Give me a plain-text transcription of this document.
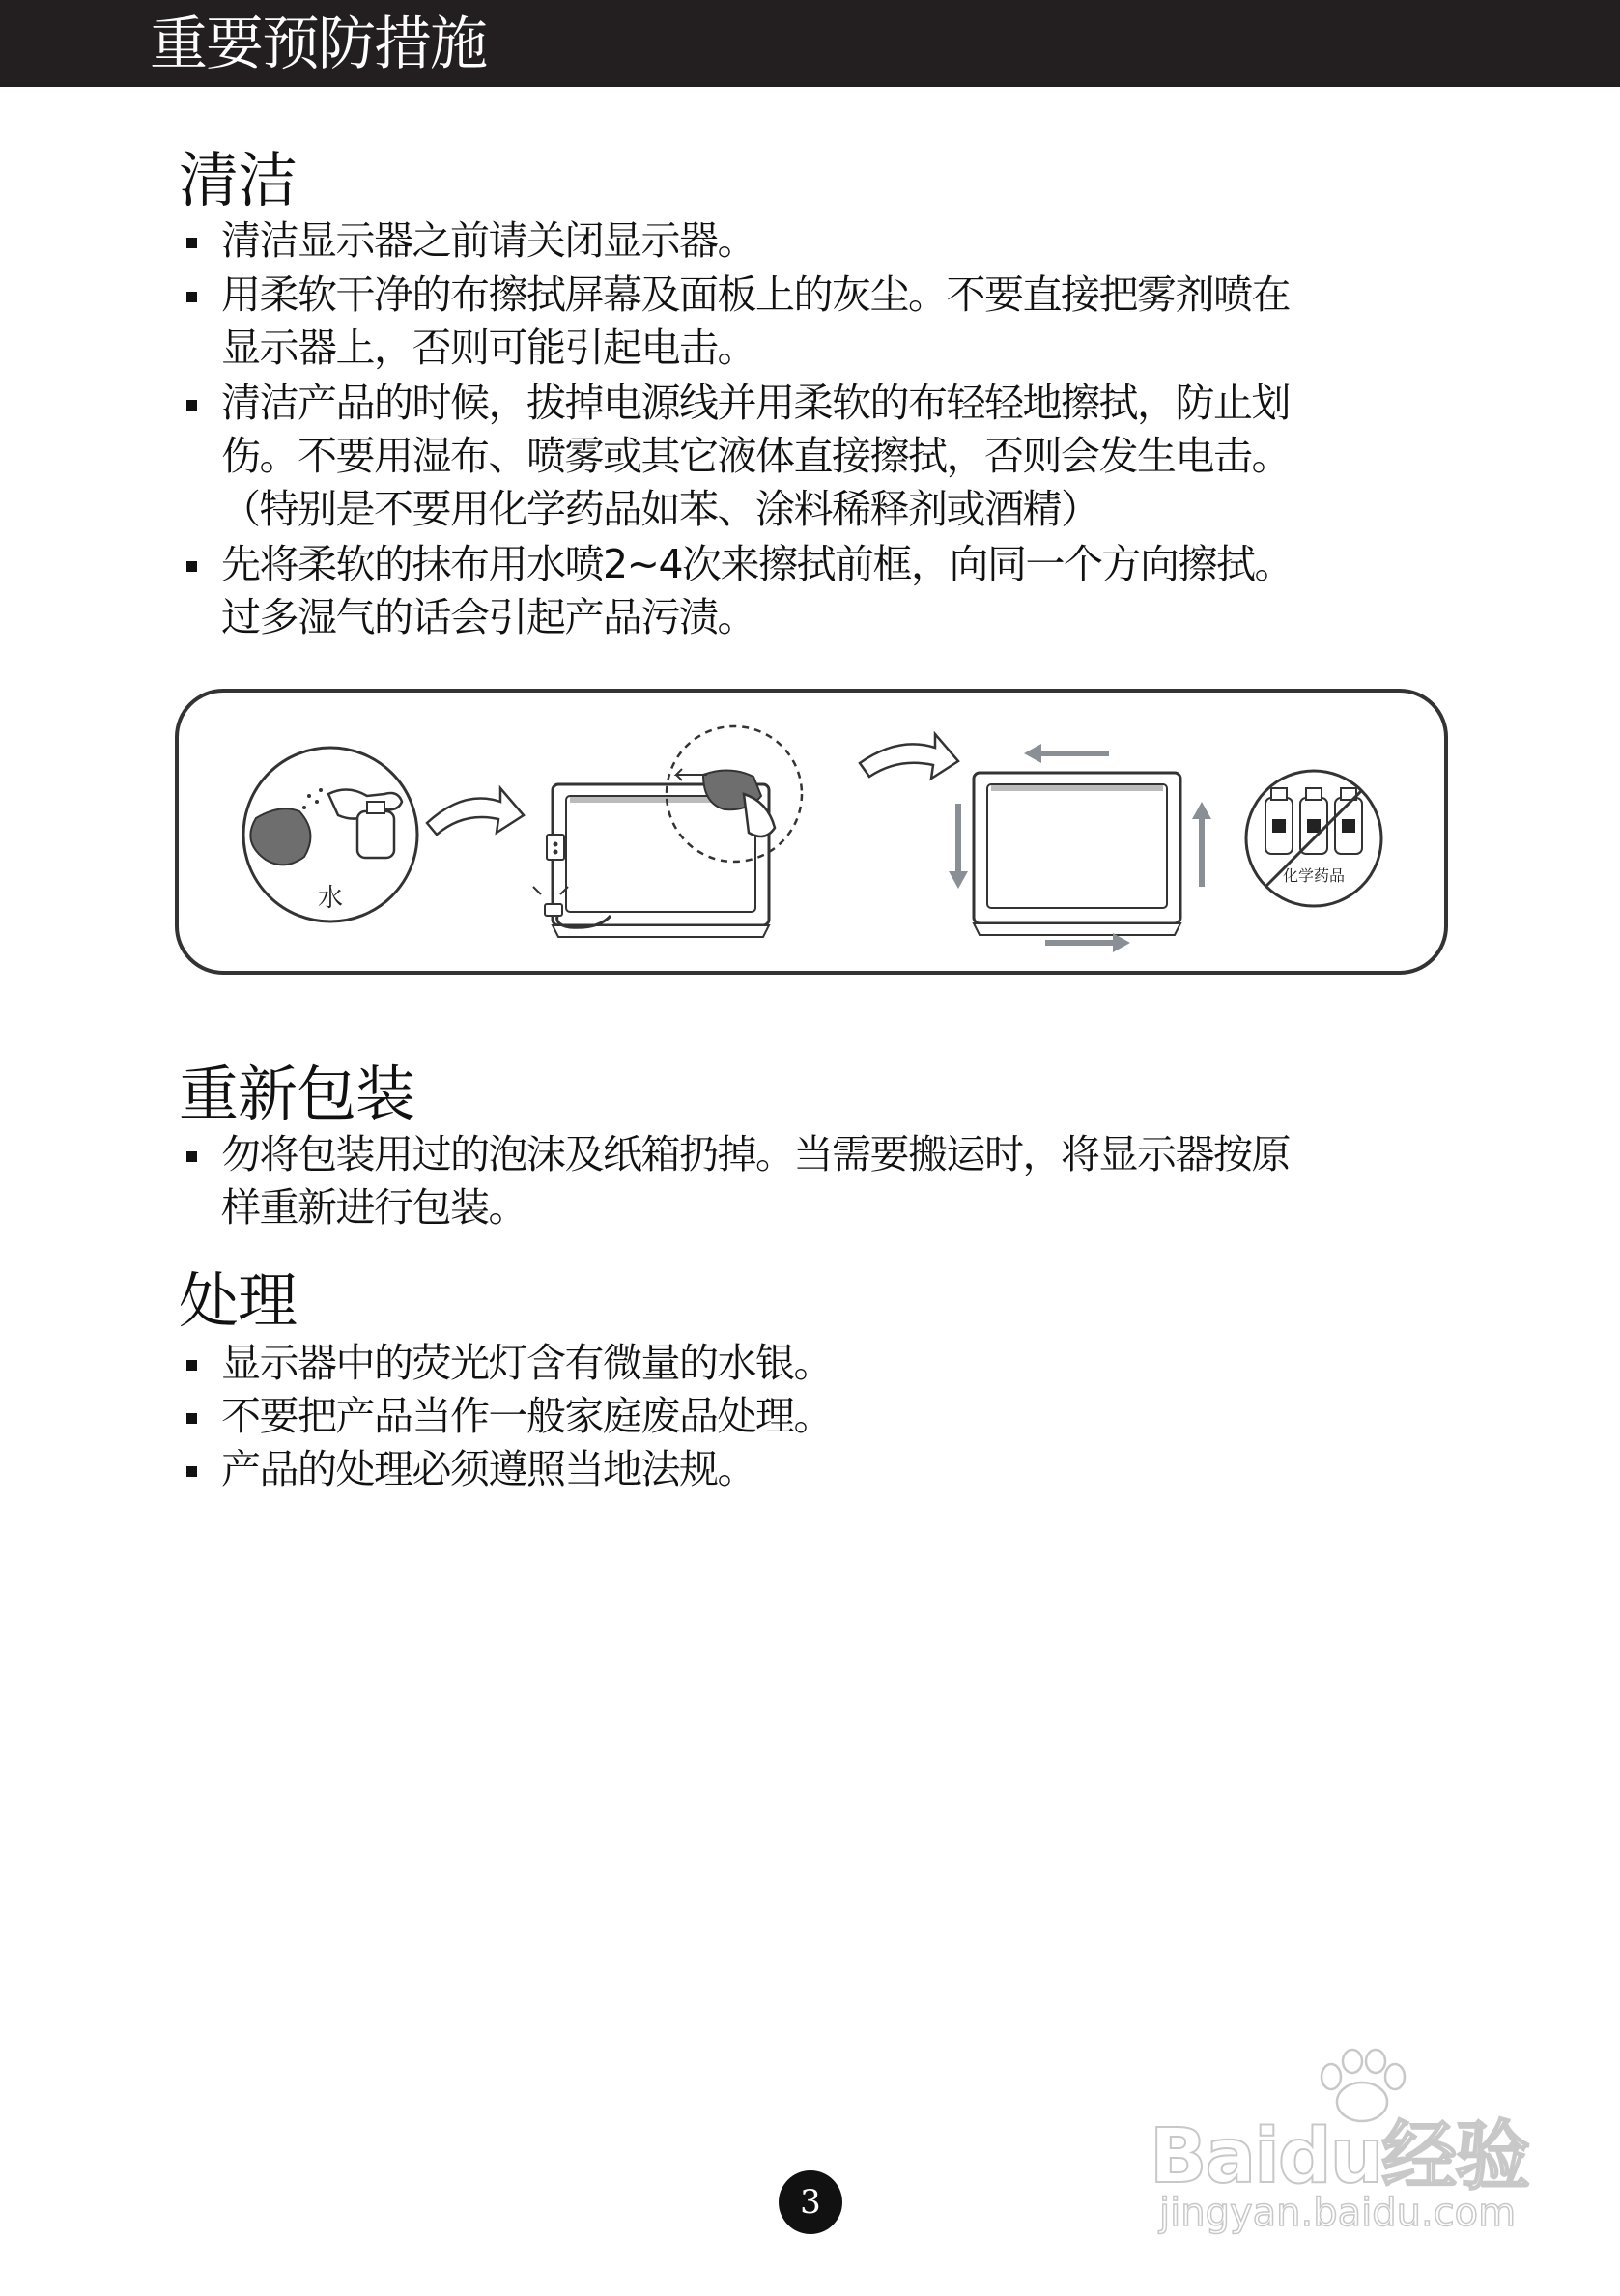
重要预防措施
清洁
清洁显示器之前请关闭显示器。
用柔软干净的布擦拭屏幕及面板上的灰尘。不要直接把雾剂喷在
显示器上，否则可能引起电击。
清洁产品的时候，拔掉电源线并用柔软的布轻轻地擦拭，防止划
伤。不要用湿布、喷雾或其它液体直接擦拭，否则会发生电击。
（特别是不要用化学药品如苯、涂料稀释剂或酒精）
先将柔软的抹布用水喷2~4次来擦拭前框，向同一个方向擦拭。
过多湿气的话会引起产品污渍。
水
化学药品
重新包装
勿将包装用过的泡沫及纸箱扔掉。当需要搬运时，将显示器按原
样重新进行包装。
处理
显示器中的荧光灯含有微量的水银。
不要把产品当作一般家庭废品处理。
产品的处理必须遵照当地法规。
3
Baidu经验
jingyan.baidu.com
